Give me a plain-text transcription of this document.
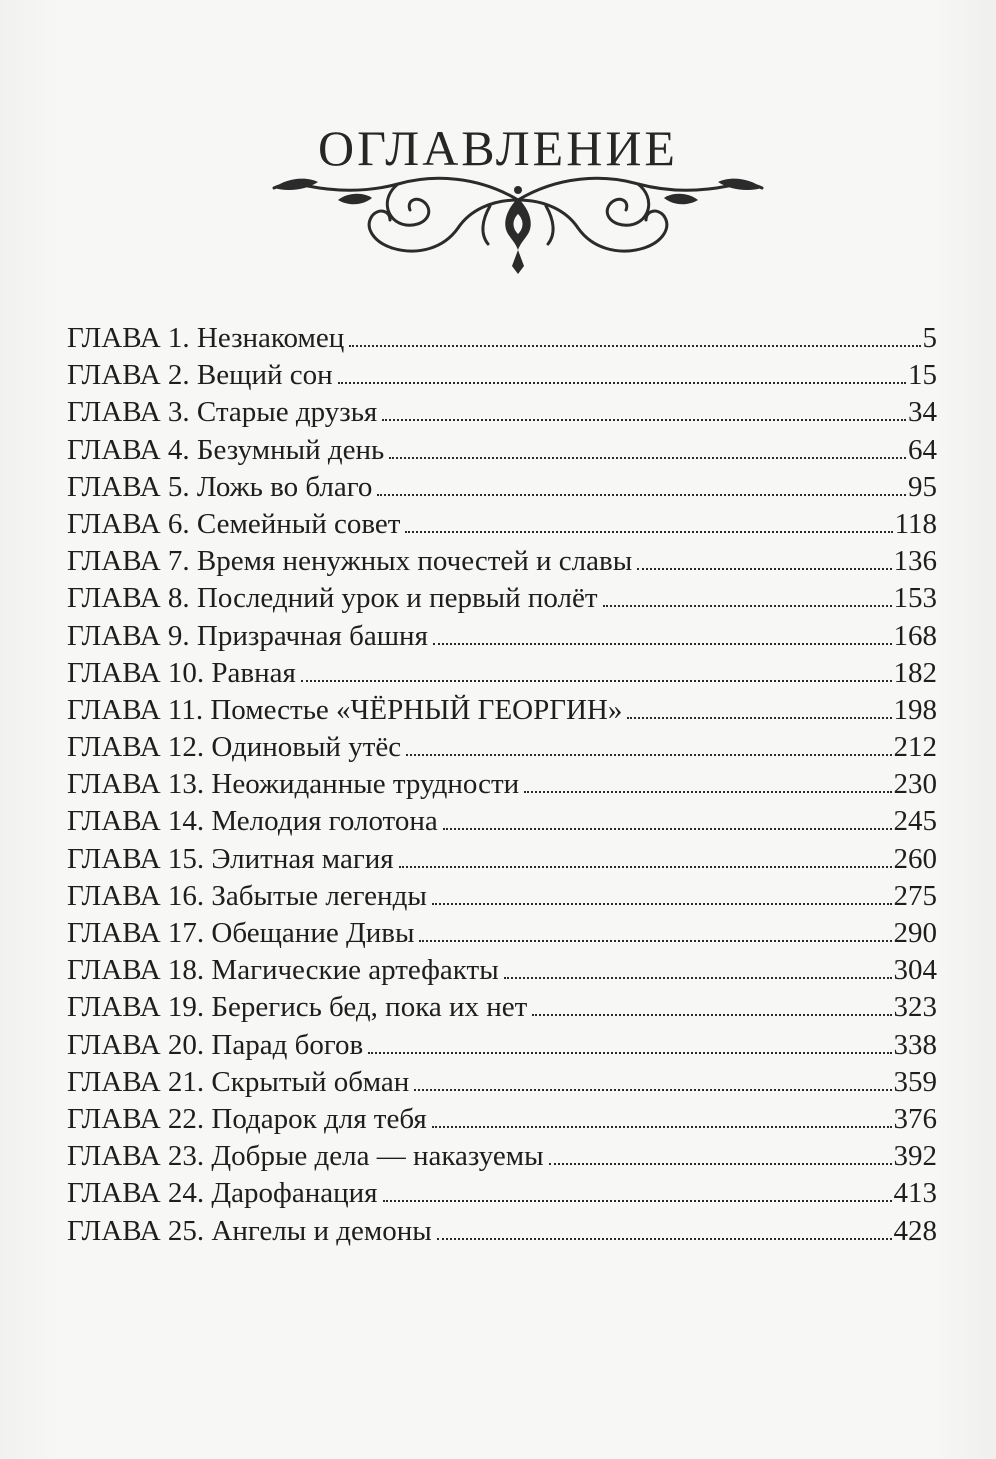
ОГЛАВЛЕНИЕ
ГЛАВА 1. Незнакомец	5
ГЛАВА 2. Вещий сон	15
ГЛАВА 3. Старые друзья	34
ГЛАВА 4. Безумный день	64
ГЛАВА 5. Ложь во благо	95
ГЛАВА 6. Семейный совет	118
ГЛАВА 7. Время ненужных почестей и славы	136
ГЛАВА 8. Последний урок и первый полёт	153
ГЛАВА 9. Призрачная башня	168
ГЛАВА 10. Равная	182
ГЛАВА 11. Поместье «ЧЁРНЫЙ ГЕОРГИН»	198
ГЛАВА 12. Одиновый утёс	212
ГЛАВА 13. Неожиданные трудности	230
ГЛАВА 14. Мелодия голотона	245
ГЛАВА 15. Элитная магия	260
ГЛАВА 16. Забытые легенды	275
ГЛАВА 17. Обещание Дивы	290
ГЛАВА 18. Магические артефакты	304
ГЛАВА 19. Берегись бед, пока их нет	323
ГЛАВА 20. Парад богов	338
ГЛАВА 21. Скрытый обман	359
ГЛАВА 22. Подарок для тебя	376
ГЛАВА 23. Добрые дела — наказуемы	392
ГЛАВА 24. Дарофанация	413
ГЛАВА 25. Ангелы и демоны	428
